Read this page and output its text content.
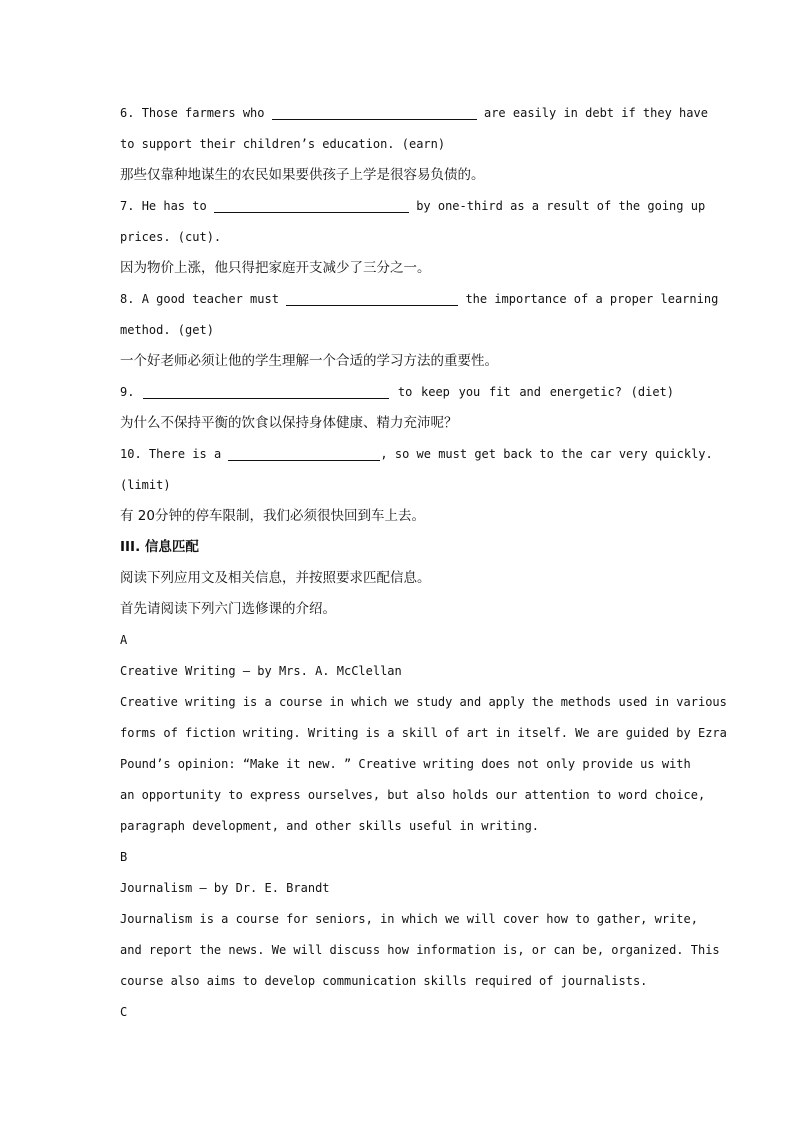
6. Those farmers who	are easily in debt if they have
to support their children’s education. (earn)
那些仅靠种地谋生的农民如果要供孩子上学是很容易负债的。
7. He has to	by one-third as a result of the going up
prices. (cut).
因为物价上涨，他只得把家庭开支减少了三分之一。
8. A good teacher must	the importance of a proper learning
method. (get)
一个好老师必须让他的学生理解一个合适的学习方法的重要性。
9.	to keep you fit and energetic? (diet)
为什么不保持平衡的饮食以保持身体健康、精力充沛呢？
10. There is a	, so we must get back to the car very quickly.
(limit)
有 20分钟的停车限制，我们必须很快回到车上去。
III. 信息匹配
阅读下列应用文及相关信息，并按照要求匹配信息。
首先请阅读下列六门选修课的介绍。
A
Creative Writing — by Mrs. A. McClellan
Creative writing is a course in which we study and apply the methods used in various
forms of fiction writing. Writing is a skill of art in itself. We are guided by Ezra
Pound’s opinion: “Make it new. ” Creative writing does not only provide us with
an opportunity to express ourselves, but also holds our attention to word choice,
paragraph development, and other skills useful in writing.
B
Journalism — by Dr. E. Brandt
Journalism is a course for seniors, in which we will cover how to gather, write,
and report the news. We will discuss how information is, or can be, organized. This
course also aims to develop communication skills required of journalists.
C
